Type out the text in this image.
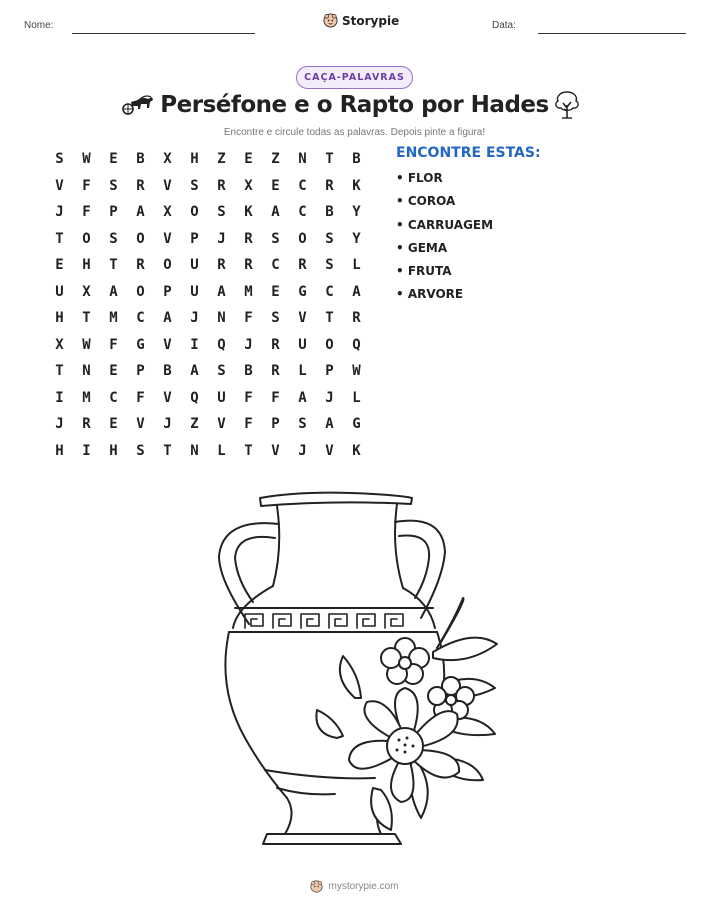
Nome:	Storypie	Data:
CAÇA-PALAVRAS
Perséfone e o Rapto por Hades
Encontre e circule todas as palavras. Depois pinte a figura!
S	W	E	B	X	H	Z	E	Z	N	T	B
V	F	S	R	V	S	R	X	E	C	R	K
J	F	P	A	X	O	S	K	A	C	B	Y
T	O	S	O	V	P	J	R	S	O	S	Y
E	H	T	R	O	U	R	R	C	R	S	L
U	X	A	O	P	U	A	M	E	G	C	A
H	T	M	C	A	J	N	F	S	V	T	R
X	W	F	G	V	I	Q	J	R	U	O	Q
T	N	E	P	B	A	S	B	R	L	P	W
I	M	C	F	V	Q	U	F	F	A	J	L
J	R	E	V	J	Z	V	F	P	S	A	G
H	I	H	S	T	N	L	T	V	J	V	K
ENCONTRE ESTAS:
• FLOR
• COROA
• CARRUAGEM
• GEMA
• FRUTA
• ARVORE
mystorypie.com
